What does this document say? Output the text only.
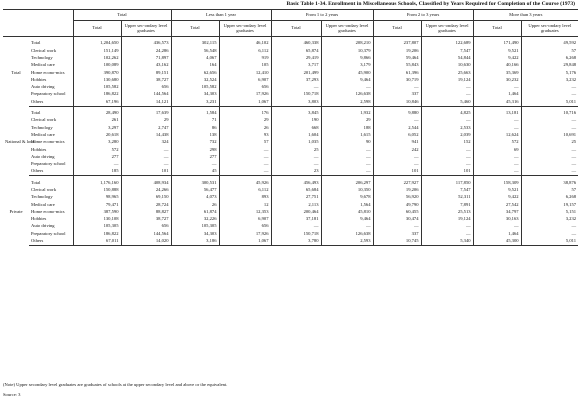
Basic Table 1-34. Enrollment in Miscellaneous Schools, Classified by Years Required for Completion of the Course (1973)
		Total		Less than 1 year		From 1 to 2 years		From 2 to 3 years		More than 3 years	
		Total	Upper sec-ondary level graduates	Total	Upper sec-ondary level graduates	Total	Upper sec-ondary level graduates	Total	Upper sec-ondary level graduates	Total	Upper sec-ondary level graduates
Total	Total	1,204,650	436,573	302,115	46,102	460,338	208,210	237,807	122,689	171,490	49,592
	Clerical work	151,149	24,286	56,548	6,112	65,874	10,379	19,206	7,547	9,521	57
	Technology	102,262	71,897	4,067	919	29,419	9,866	59,464	54,844	9,422	6,268
	Medical care	100,089	43,162	164	105	3,717	3,179	55,843	10,630	40,166	29,848
	Home econo-mics	390,870	89,151	62,656	12,410	201,499	45,900	61,396	25,663	35,369	5,176
	Hobbies	130,680	38,727	32,524	6,907	37,293	9,464	30,719	19,124	30,232	3,232
	Auto driving	105,582	656	105,582	656	—	—	—	—	—	—
	Preparatory school	186,822	144,564	34,303	17,926	150,718	126,638	337	—	1,464	—
	Others	67,196	14,121	3,231	1,067	3,803	2,598	10,846	5,460	45,316	5,011
National & local	Total	28,490	17,639	1,584	176	3,845	1,932	9,880	4,825	13,181	10,716
	Clerical work	261	29	71	29	190	29	—	—	—	—
	Technology	3,297	2,747	86	26	668	188	2,544	2,533	—	—
	Medical care	20,618	14,438	138	93	1,604	1,615	6,052	2,039	12,624	10,691
	Home econo-mics	3,280	324	732	57	1,035	90	941	152	572	25
	Hobbies	572	—	298	—	25	—	242	—	69	—
	Auto driving	277	—	277	—	—	—	—	—	—	—
	Preparatory school	—	—	—	—	—	—	—	—	—	—
	Others	185	101	45	—	23	—	101	101	—	—
Private	Total	1,176,160	408,934	300,531	45,926	456,493	206,297	227,927	117,850	158,309	38,876
	Clerical work	150,888	24,266	56,477	6,112	65,684	10,350	19,206	7,547	9,521	57
	Technology	98,965	69,150	4,073	893	27,751	9,678	56,920	52,311	9,422	6,268
	Medical care	79,471	28,724	26	12	2,113	1,564	49,790	7,891	27,542	19,157
	Home econo-mics	387,590	88,827	61,874	12,353	200,464	45,810	60,455	25,513	34,797	5,151
	Hobbies	130,108	38,727	32,226	6,907	37,181	9,464	30,474	19,124	30,163	3,232
	Auto driving	105,305	656	105,305	656	—	—	—	—	—	—
	Preparatory school	186,822	144,564	34,303	17,926	150,718	126,638	337	—	1,464	—
	Others	67,011	14,020	3,186	1,067	3,780	2,593	10,745	5,340	45,300	5,011
(Note) Upper secondary level graduates are graduates of schools at the upper secondary level and above or the equivalent.
Source: 3
